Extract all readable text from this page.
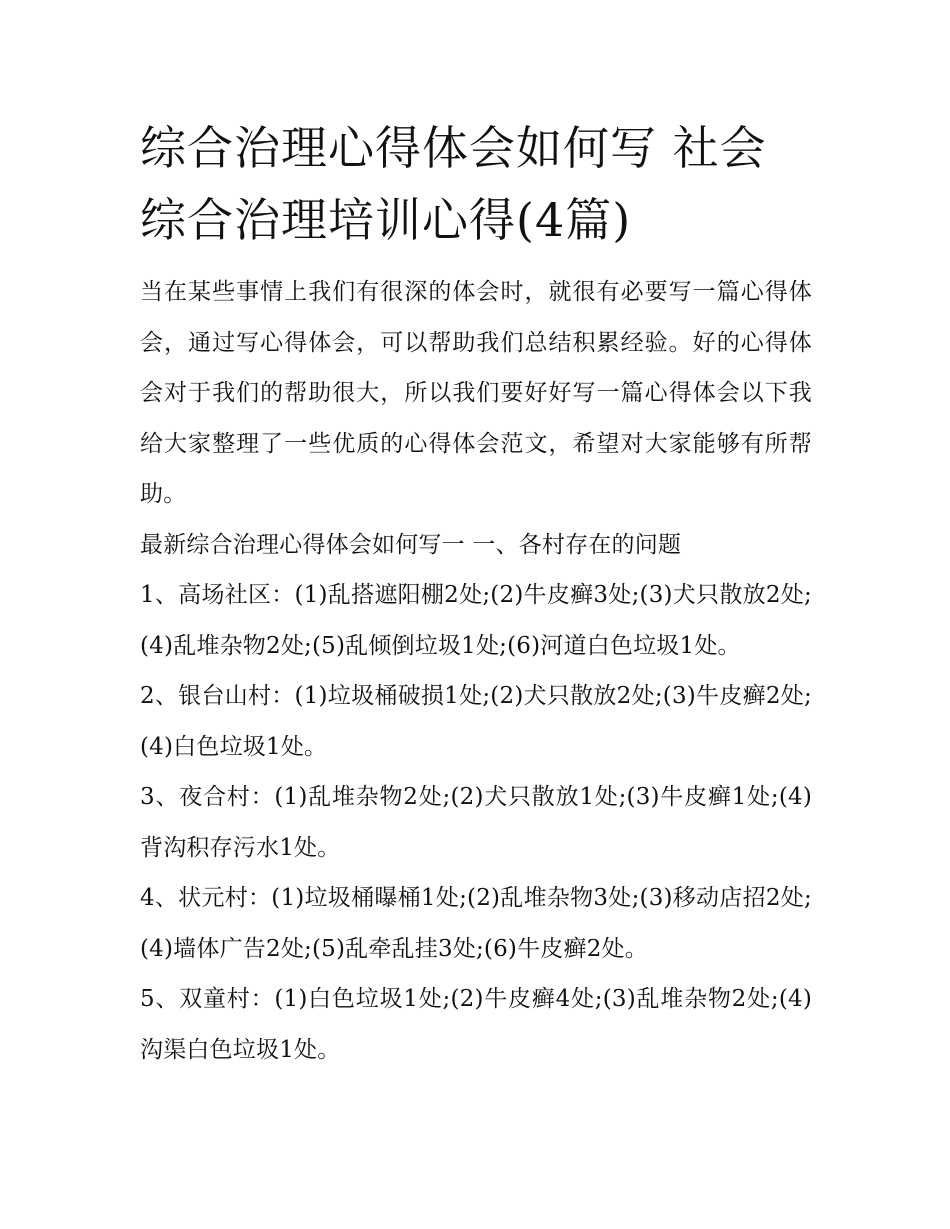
综合治理心得体会如何写 社会综合治理培训心得(4篇)

当在某些事情上我们有很深的体会时，就很有必要写一篇心得体会，通过写心得体会，可以帮助我们总结积累经验。好的心得体会对于我们的帮助很大，所以我们要好好写一篇心得体会以下我给大家整理了一些优质的心得体会范文，希望对大家能够有所帮助。

最新综合治理心得体会如何写一 一、各村存在的问题

1、高场社区：(1)乱搭遮阳棚2处;(2)牛皮癣3处;(3)犬只散放2处;(4)乱堆杂物2处;(5)乱倾倒垃圾1处;(6)河道白色垃圾1处。

2、银台山村：(1)垃圾桶破损1处;(2)犬只散放2处;(3)牛皮癣2处;(4)白色垃圾1处。

3、夜合村：(1)乱堆杂物2处;(2)犬只散放1处;(3)牛皮癣1处;(4)背沟积存污水1处。

4、状元村：(1)垃圾桶曝桶1处;(2)乱堆杂物3处;(3)移动店招2处;(4)墙体广告2处;(5)乱牵乱挂3处;(6)牛皮癣2处。

5、双童村：(1)白色垃圾1处;(2)牛皮癣4处;(3)乱堆杂物2处;(4)沟渠白色垃圾1处。
